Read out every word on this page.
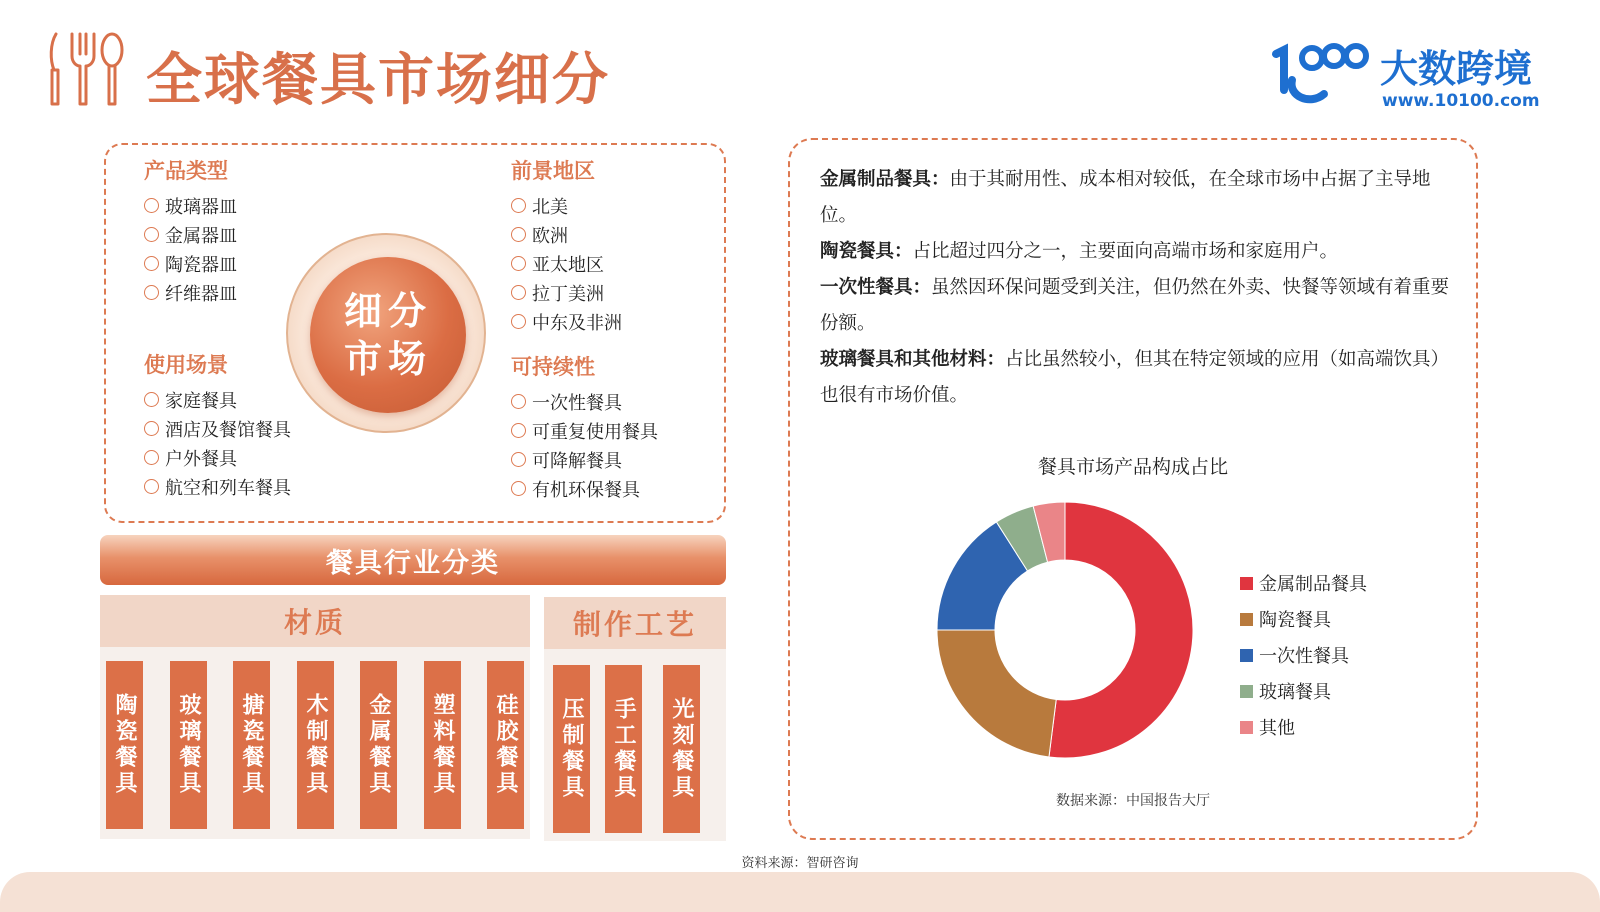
全球餐具市场细分	大数跨境
www.10100.com
产品类型
玻璃器皿
金属器皿
陶瓷器皿
纤维器皿
使用场景
家庭餐具
酒店及餐馆餐具
户外餐具
航空和列车餐具
前景地区
北美
欧洲
亚太地区
拉丁美洲
中东及非洲
可持续性
一次性餐具
可重复使用餐具
可降解餐具
有机环保餐具
细分
市场
餐具行业分类
材质
陶瓷餐具 玻璃餐具 搪瓷餐具 木制餐具 金属餐具 塑料餐具 硅胶餐具
制作工艺
压制餐具 手工餐具 光刻餐具
资料来源：智研咨询

金属制品餐具：由于其耐用性、成本相对较低，在全球市场中占据了主导地位。

陶瓷餐具：占比超过四分之一，主要面向高端市场和家庭用户。

一次性餐具：虽然因环保问题受到关注，但仍然在外卖、快餐等领域有着重要份额。

玻璃餐具和其他材料：占比虽然较小，但其在特定领域的应用（如高端饮具）也很有市场价值。

餐具市场产品构成占比
金属制品餐具
陶瓷餐具
一次性餐具
玻璃餐具
其他
数据来源：中国报告大厅
